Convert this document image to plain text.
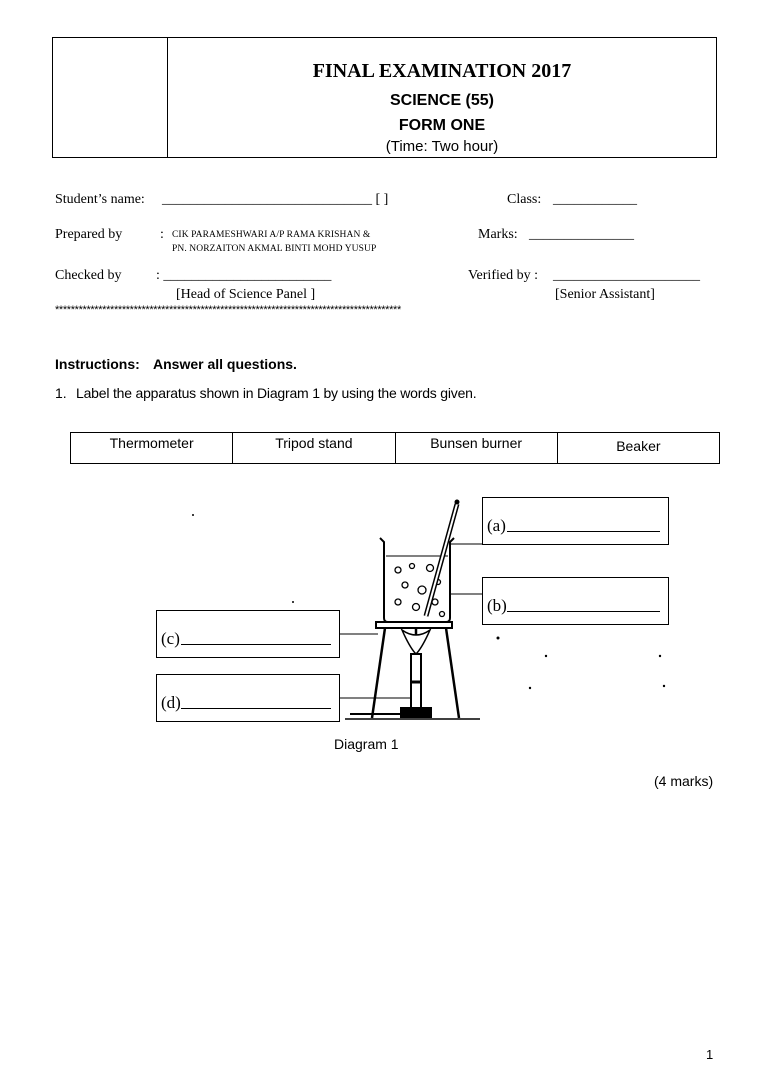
FINAL EXAMINATION 2017
SCIENCE (55)
FORM ONE
(Time: Two hour)
Student’s name: ______________________________ [ ]	Class: ____________
Prepared by	: CIK PARAMESHWARI A/P RAMA KRISHAN &
PN. NORZAITON AKMAL BINTI MOHD YUSUP
Marks: _______________
Checked by : ________________________	Verified by : _____________________
[Head of Science Panel ]	[Senior Assistant]
****************************************************************************************
Instructions: Answer all questions.
1. Label the apparatus shown in Diagram 1 by using the words given.
Thermometer	Tripod stand	Bunsen burner	Beaker
(a)
(b)
(c)
(d)
Diagram 1
(4 marks)
1
